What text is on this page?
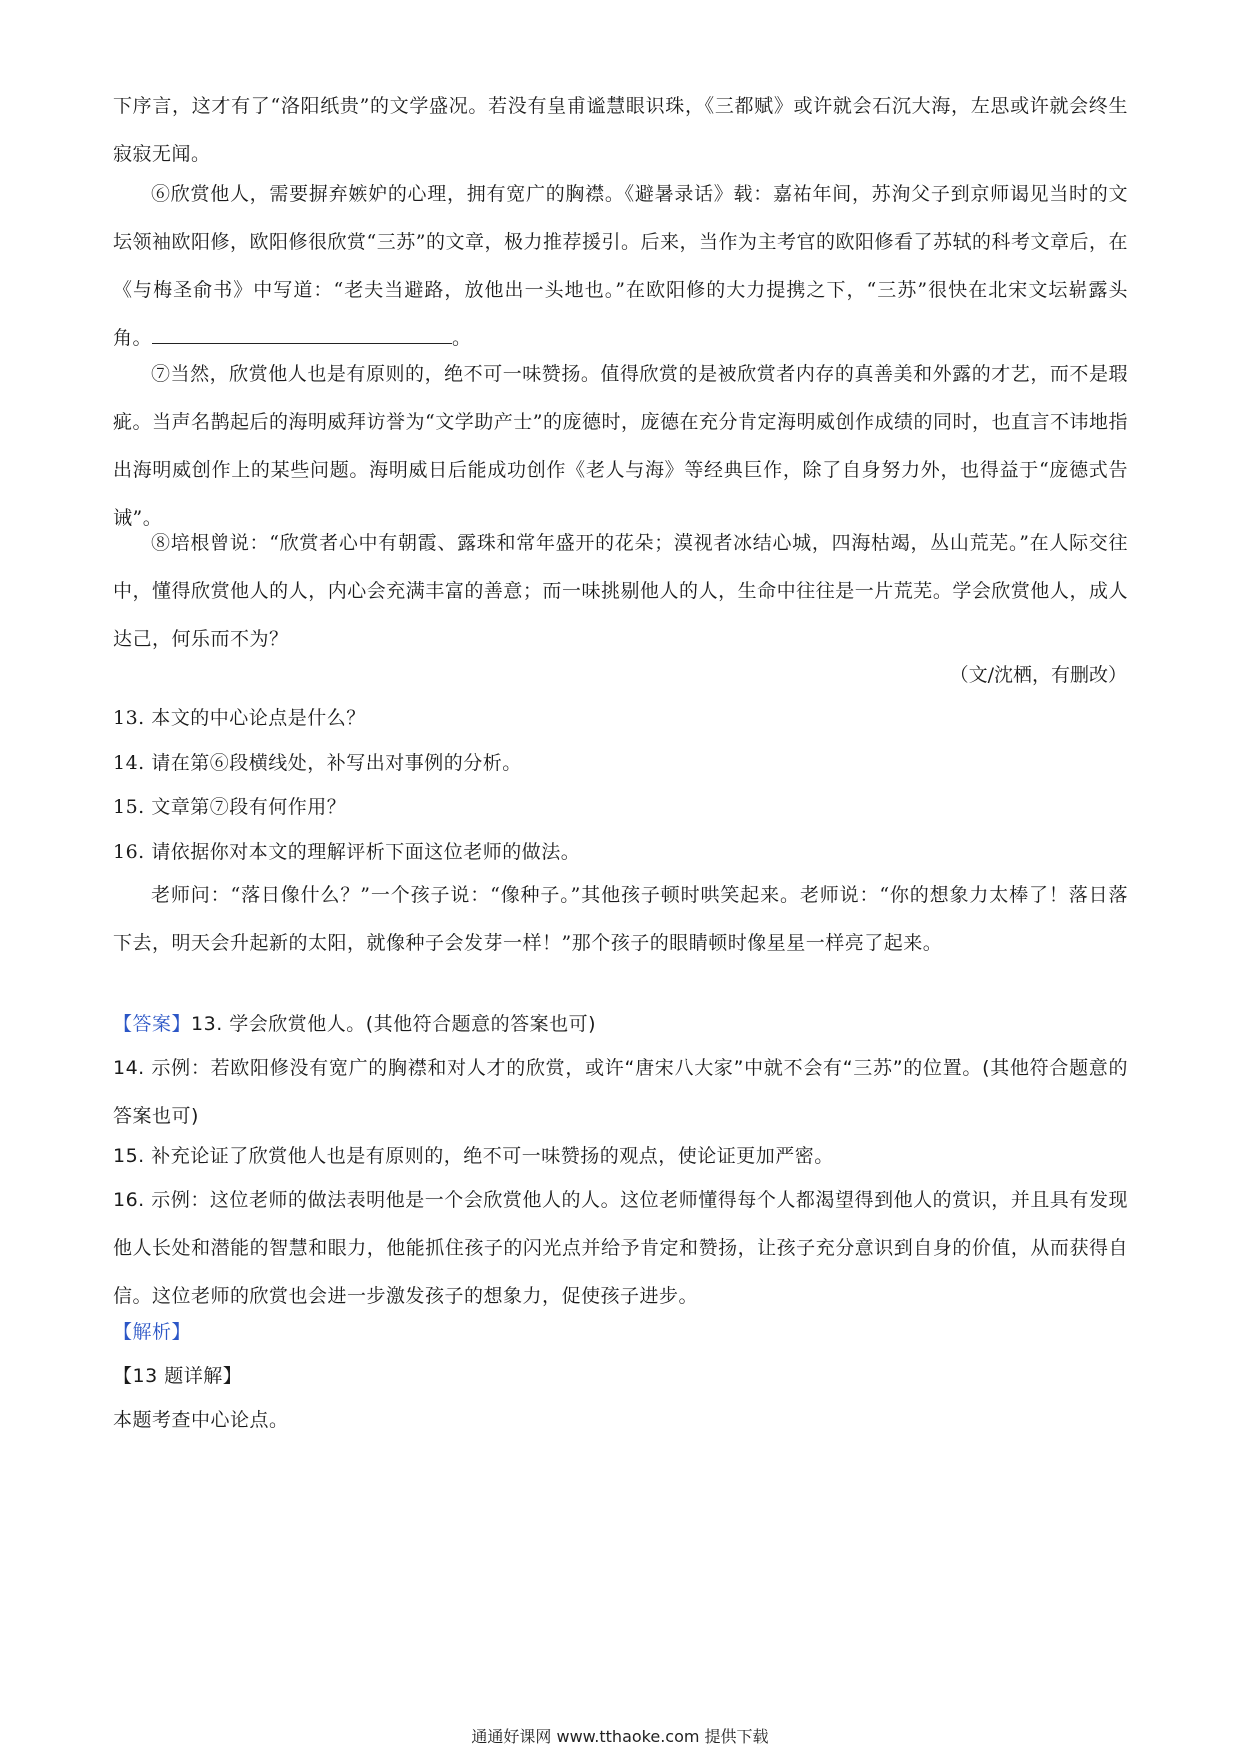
下序言，这才有了“洛阳纸贵”的文学盛况。若没有皇甫谧慧眼识珠，《三都赋》或许就会石沉大海，左思或许就会终生寂寂无闻。
⑥欣赏他人，需要摒弃嫉妒的心理，拥有宽广的胸襟。《避暑录话》载：嘉祐年间，苏洵父子到京师谒见当时的文坛领袖欧阳修，欧阳修很欣赏“三苏”的文章，极力推荐援引。后来，当作为主考官的欧阳修看了苏轼的科考文章后，在《与梅圣俞书》中写道：“老夫当避路，放他出一头地也。”在欧阳修的大力提携之下，“三苏”很快在北宋文坛崭露头角。	。
⑦当然，欣赏他人也是有原则的，绝不可一味赞扬。值得欣赏的是被欣赏者内存的真善美和外露的才艺，而不是瑕疵。当声名鹊起后的海明威拜访誉为“文学助产士”的庞德时，庞德在充分肯定海明威创作成绩的同时，也直言不讳地指出海明威创作上的某些问题。海明威日后能成功创作《老人与海》等经典巨作，除了自身努力外，也得益于“庞德式告诫”。
⑧培根曾说：“欣赏者心中有朝霞、露珠和常年盛开的花朵；漠视者冰结心城，四海枯竭，丛山荒芜。”在人际交往中，懂得欣赏他人的人，内心会充满丰富的善意；而一味挑剔他人的人，生命中往往是一片荒芜。学会欣赏他人，成人达己，何乐而不为？
（文/沈栖，有删改）
13. 本文的中心论点是什么？
14. 请在第⑥段横线处，补写出对事例的分析。
15. 文章第⑦段有何作用？
16. 请依据你对本文的理解评析下面这位老师的做法。
老师问：“落日像什么？”一个孩子说：“像种子。”其他孩子顿时哄笑起来。老师说：“你的想象力太棒了！落日落下去，明天会升起新的太阳，就像种子会发芽一样！”那个孩子的眼睛顿时像星星一样亮了起来。
【答案】13. 学会欣赏他人。(其他符合题意的答案也可)
14. 示例：若欧阳修没有宽广的胸襟和对人才的欣赏，或许“唐宋八大家”中就不会有“三苏”的位置。(其他符合题意的答案也可)
15. 补充论证了欣赏他人也是有原则的，绝不可一味赞扬的观点，使论证更加严密。
16. 示例：这位老师的做法表明他是一个会欣赏他人的人。这位老师懂得每个人都渴望得到他人的赏识，并且具有发现他人长处和潜能的智慧和眼力，他能抓住孩子的闪光点并给予肯定和赞扬，让孩子充分意识到自身的价值，从而获得自信。这位老师的欣赏也会进一步激发孩子的想象力，促使孩子进步。
【解析】
【13 题详解】
本题考查中心论点。
通通好课网 www.tthaoke.com 提供下载
